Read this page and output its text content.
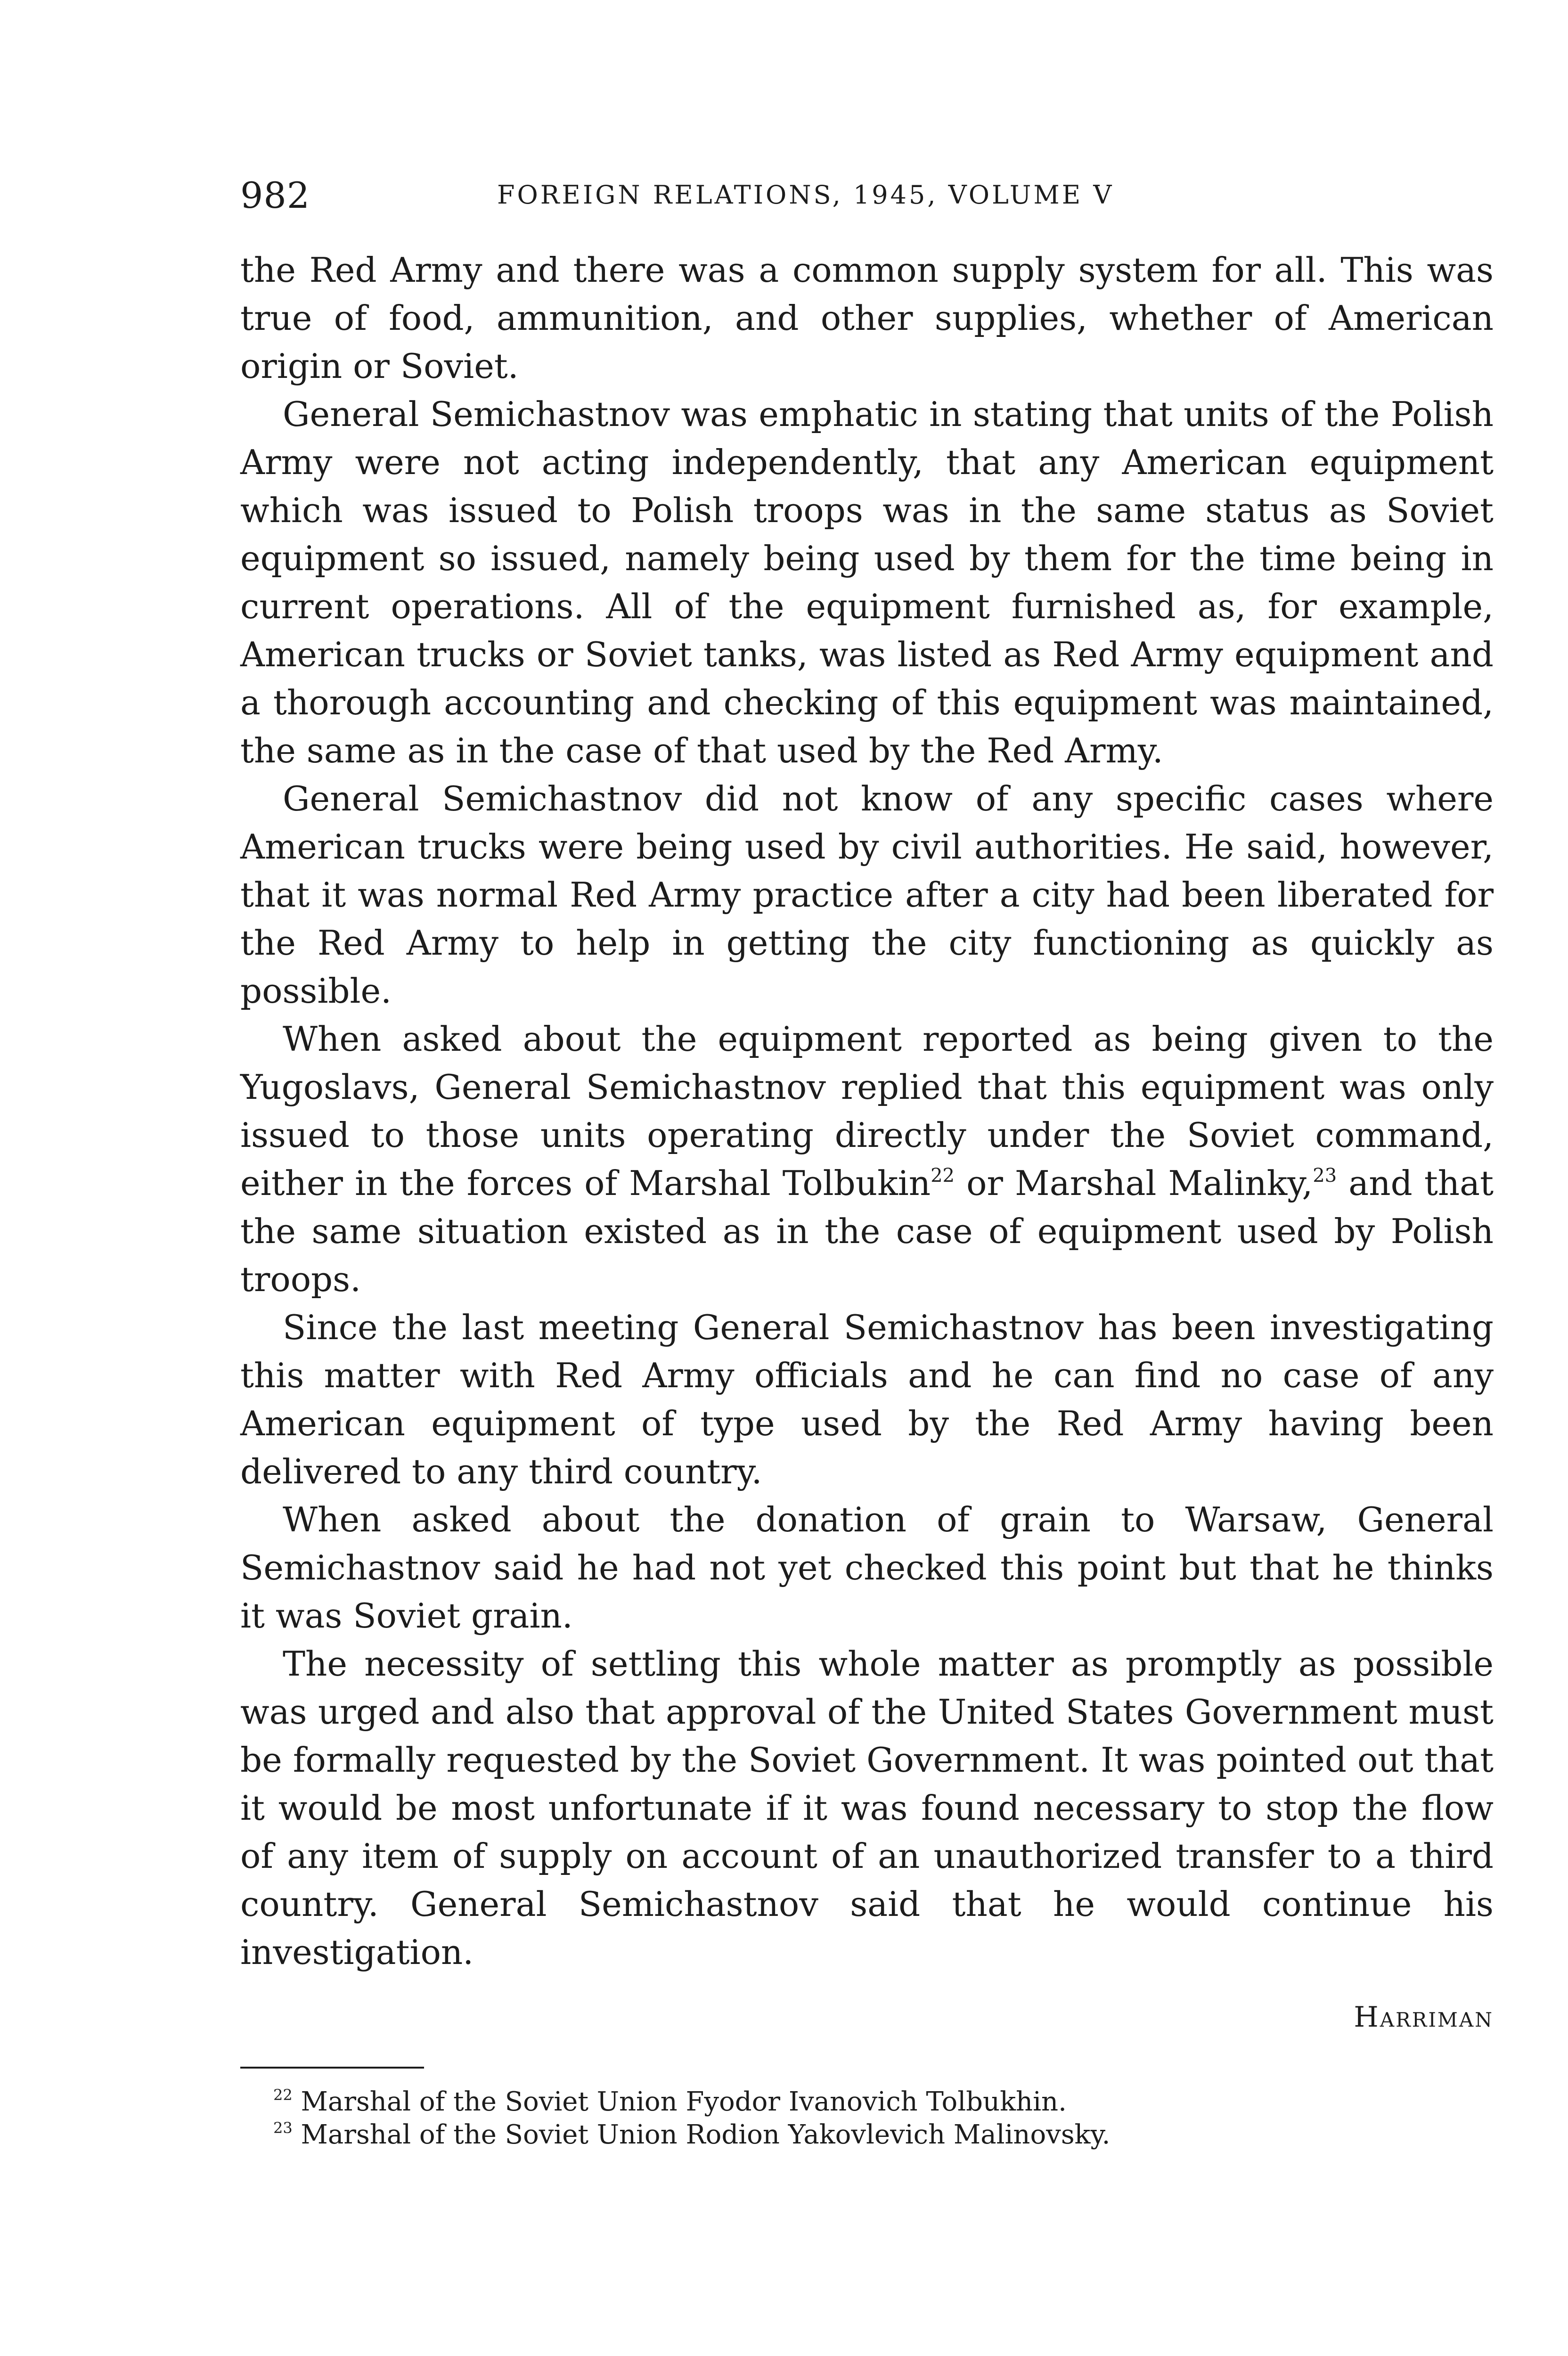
982	FOREIGN RELATIONS, 1945, VOLUME V

the Red Army and there was a common supply system for all. This was true of food, ammunition, and other supplies, whether of American origin or Soviet.

General Semichastnov was emphatic in stating that units of the Polish Army were not acting independently, that any American equipment which was issued to Polish troops was in the same status as Soviet equipment so issued, namely being used by them for the time being in current operations. All of the equipment furnished as, for example, American trucks or Soviet tanks, was listed as Red Army equipment and a thorough accounting and checking of this equipment was maintained, the same as in the case of that used by the Red Army.

General Semichastnov did not know of any specific cases where American trucks were being used by civil authorities. He said, however, that it was normal Red Army practice after a city had been liberated for the Red Army to help in getting the city functioning as quickly as possible.

When asked about the equipment reported as being given to the Yugoslavs, General Semichastnov replied that this equipment was only issued to those units operating directly under the Soviet command, either in the forces of Marshal Tolbukin$^{22}$ or Marshal Malinky,$^{23}$ and that the same situation existed as in the case of equipment used by Polish troops.

Since the last meeting General Semichastnov has been investigating this matter with Red Army officials and he can find no case of any American equipment of type used by the Red Army having been delivered to any third country.

When asked about the donation of grain to Warsaw, General Semichastnov said he had not yet checked this point but that he thinks it was Soviet grain.

The necessity of settling this whole matter as promptly as possible was urged and also that approval of the United States Government must be formally requested by the Soviet Government. It was pointed out that it would be most unfortunate if it was found necessary to stop the flow of any item of supply on account of an unauthorized transfer to a third country. General Semichastnov said that he would continue his investigation.

Harriman
$^{22}$ Marshal of the Soviet Union Fyodor Ivanovich Tolbukhin.
$^{23}$ Marshal of the Soviet Union Rodion Yakovlevich Malinovsky.
